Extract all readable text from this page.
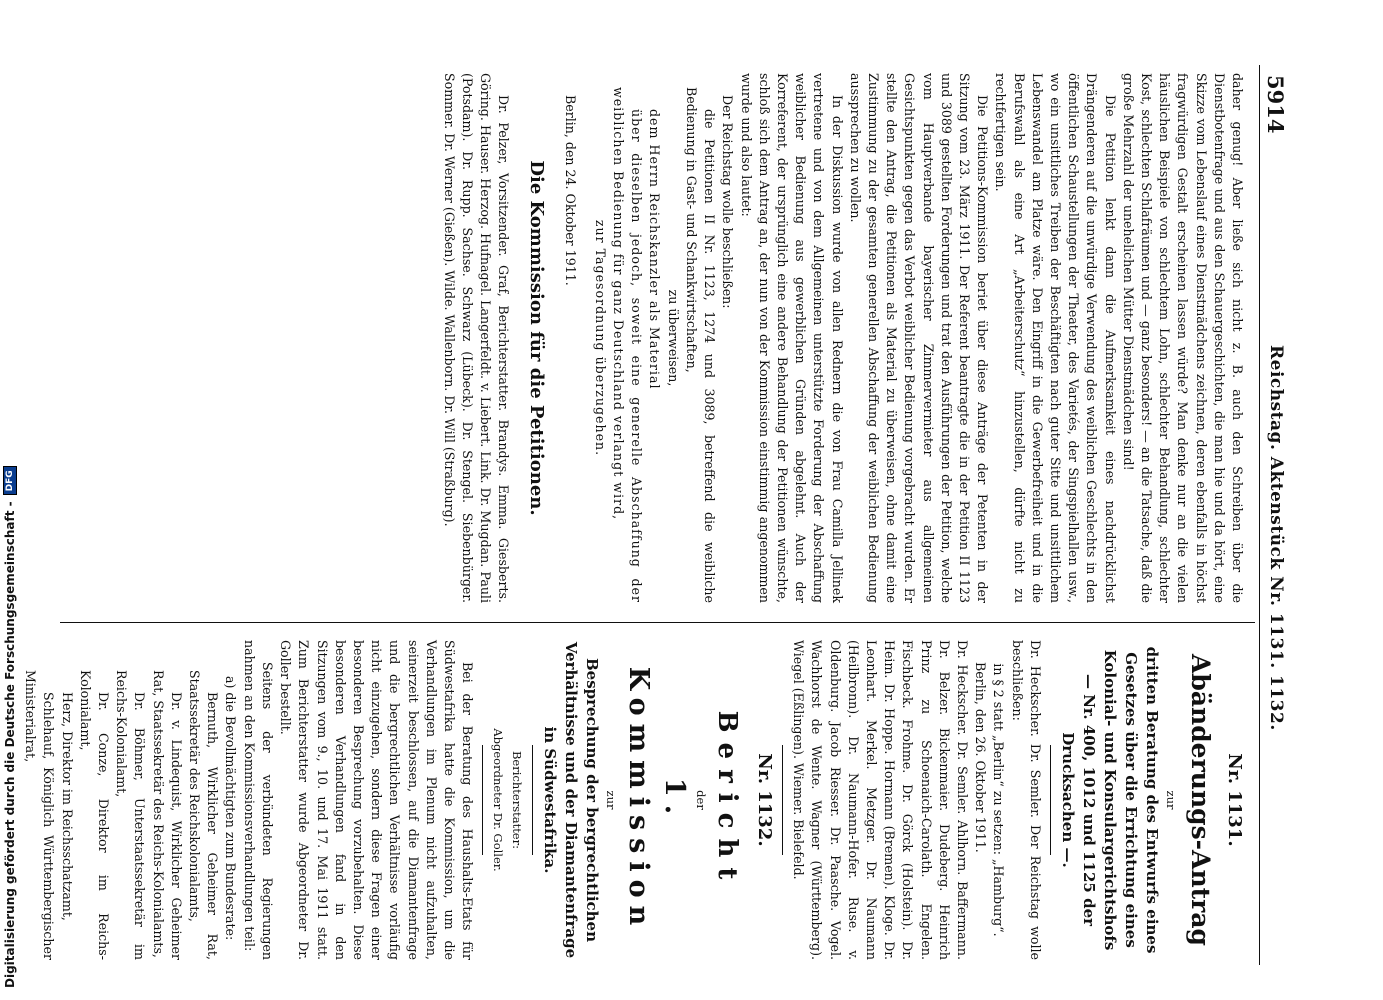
5914
Reichstag. Aktenstück Nr. 1131. 1132.

daher genug! Aber ließe sich nicht z. B. auch den Schreiben über die Dienstbotenfrage und aus den Schauergeschichten, die man hie und da hört, eine Skizze vom Lebenslauf eines Dienstmädchens zeichnen, deren ebenfalls in höchst fragwürdigen Gestalt erscheinen lassen würde? Man denke nur an die vielen häuslichen Beispiele von schlechtem Lohn, schlechter Behandlung, schlechter Kost, schlechten Schlafräumen und — ganz besonders! — an die Tatsache, daß die große Mehrzahl der unehelichen Mütter Dienstmädchen sind!

Die Petition lenkt dann die Aufmerksamkeit eines nachdrücklichst Drängenderen auf die unwürdige Verwendung des weiblichen Geschlechts in den öffentlichen Schaustellungen der Theater, des Varietés, der Singspielhallen usw., wo ein unsittliches Treiben der Beschäftigten nach guter Sitte und unsittlichem Lebenswandel am Platze wäre. Den Eingriff in die Gewerbefreiheit und in die Berufswahl als eine Art „Arbeiterschutz“ hinzustellen, dürfte nicht zu rechtfertigen sein.

Die Petitions-Kommission beriet über diese Anträge der Petenten in der Sitzung vom 23. März 1911. Der Referent beantragte die in der Petition II 1123 und 3089 gestellten Forderungen und trat den Ausführungen der Petition, welche vom Hauptverbande bayerischer Zimmervermieter aus allgemeinen Gesichtspunkten gegen das Verbot weiblicher Bedienung vorgebracht wurden. Er stellte den Antrag, die Petitionen als Material zu überweisen, ohne damit eine Zustimmung zu der gesamten generellen Abschaffung der weiblichen Bedienung aussprechen zu wollen.

In der Diskussion wurde von allen Rednern die von Frau Camilla Jellinek vertretene und von dem Allgemeinen unterstützte Forderung der Abschaffung weiblicher Bedienung aus gewerblichen Gründen abgelehnt. Auch der Korreferent, der ursprünglich eine andere Behandlung der Petitionen wünschte, schloß sich dem Antrag an, der nun von der Kommission einstimmig angenommen wurde und also lautet:

Der Reichstag wolle beschließen:

die Petitionen II Nr. 1123, 1274 und 3089, betreffend die weibliche Bedienung in Gast- und Schankwirtschaften,

zu überweisen,

dem Herrn Reichskanzler als Material

über dieselben jedoch, soweit eine generelle Abschaffung der weiblichen Bedienung für ganz Deutschland verlangt wird,

zur Tagesordnung überzugehen.

Berlin, den 24. Oktober 1911.

Die Kommission für die Petitionen.

Dr. Pelzer, Vorsitzender. Graf, Berichterstatter. Brandys. Emma. Giesberts. Göring. Hauser. Herzog. Hufnagel. Langerfeldt. v. Liebert. Link. Dr. Mugdan. Pauli (Potsdam). Dr. Rupp. Sachse. Schwarz (Lübeck). Dr. Stengel. Siebenbürger. Sommer. Dr. Werner (Gießen). Wilde. Wallenborn. Dr. Will (Straßburg).

Nr. 1131.
Abänderungs-Antrag
zur
dritten Beratung des Entwurfs eines Gesetzes über die Errichtung eines Kolonial- und Konsulargerichtshofs — Nr. 400, 1012 und 1125 der Drucksachen —.

Dr. Heckscher. Dr. Semler. Der Reichstag wolle beschließen:

in § 2 statt „Berlin“ zu setzen: „Hamburg“.

Berlin, den 26. Oktober 1911.

Dr. Heckscher. Dr. Semler. Ahlhorn. Baffermann. Dr. Belzer. Bickenmaier. Dudeberg. Heinrich Prinz zu Schoenaich-Carolath. Engelen. Fischbeck. Frohme. Dr. Görck (Holstein). Dr. Heim. Dr. Hoppe. Hormann (Bremen). Kloge. Dr. Leonhart. Merkel. Metzger. Dr. Naumann (Heilbronn). Dr. Naumann-Hofer. Ruse. v. Oldenburg. Jacob Riesser. Dr. Paasche. Vogel. Wachhorst de Wente. Wagner (Württemberg). Wiegel (Eßlingen). Wiemer. Bielefeld.

Nr. 1132.
Bericht
der
1. Kommission
zur
Besprechung der bergrechtlichen Verhältnisse und der Diamantenfrage in Südwestafrika.
Berichterstatter:
Abgeordneter Dr. Goller.

Bei der Beratung des Haushalts-Etats für Südwestafrika hatte die Kommission, um die Verhandlungen im Plenum nicht aufzuhalten, seinerzeit beschlossen, auf die Diamantenfrage und die bergrechtlichen Verhältnisse vorläufig nicht einzugehen, sondern diese Fragen einer besonderen Besprechung vorzubehalten. Diese besonderen Verhandlungen fand in den Sitzungen vom 9., 10. und 17. Mai 1911 statt. Zum Berichterstatter wurde Abgeordneter Dr. Goller bestellt.

Seitens der verbündeten Regierungen nahmen an den Kommissionsverhandlungen teil:

a) die Bevollmächtigten zum Bundesrate:

Bernuth, Wirklicher Geheimer Rat, Staatssekretär des Reichskolonialamts,

Dr. v. Lindequist, Wirklicher Geheimer Rat, Staatssekretär des Reichs-Kolonialamts,

Dr. Böhmer, Unterstaatssekretär im Reichs-Kolonialamt,

Dr. Conze, Direktor im Reichs-Kolonialamt,

Herz, Direktor im Reichsschatzamt,

Schlehauf, Königlich Württembergischer Ministerialrat,

Digitalisierung gefördert durch die Deutsche Forschungsgemeinschaft -
DFG
